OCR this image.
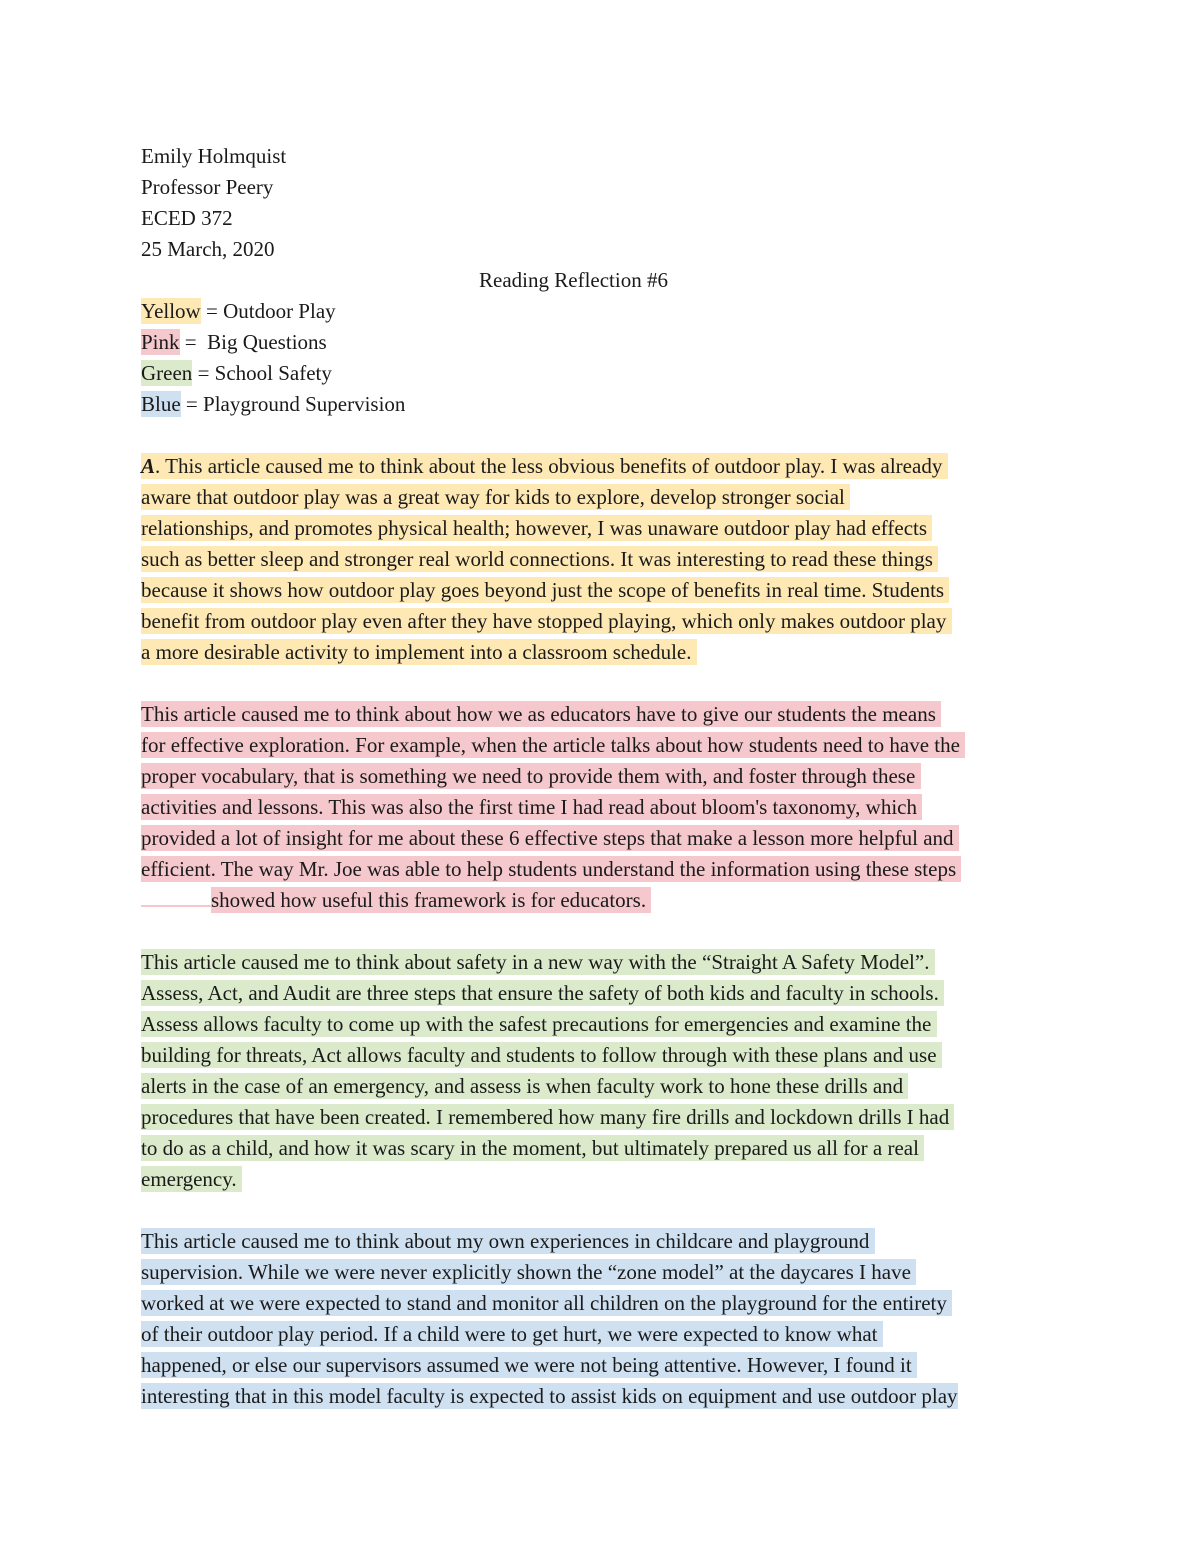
Emily Holmquist
Professor Peery
ECED 372
25 March, 2020
Reading Reflection #6
Yellow = Outdoor Play
Pink =  Big Questions
Green = School Safety
Blue = Playground Supervision
A. This article caused me to think about the less obvious benefits of outdoor play. I was already
aware that outdoor play was a great way for kids to explore, develop stronger social
relationships, and promotes physical health; however, I was unaware outdoor play had effects
such as better sleep and stronger real world connections. It was interesting to read these things
because it shows how outdoor play goes beyond just the scope of benefits in real time. Students
benefit from outdoor play even after they have stopped playing, which only makes outdoor play
a more desirable activity to implement into a classroom schedule.
This article caused me to think about how we as educators have to give our students the means
for effective exploration. For example, when the article talks about how students need to have the
proper vocabulary, that is something we need to provide them with, and foster through these
activities and lessons. This was also the first time I had read about bloom's taxonomy, which
provided a lot of insight for me about these 6 effective steps that make a lesson more helpful and
efficient. The way Mr. Joe was able to help students understand the information using these steps
showed how useful this framework is for educators.
This article caused me to think about safety in a new way with the “Straight A Safety Model”.
Assess, Act, and Audit are three steps that ensure the safety of both kids and faculty in schools.
Assess allows faculty to come up with the safest precautions for emergencies and examine the
building for threats, Act allows faculty and students to follow through with these plans and use
alerts in the case of an emergency, and assess is when faculty work to hone these drills and
procedures that have been created. I remembered how many fire drills and lockdown drills I had
to do as a child, and how it was scary in the moment, but ultimately prepared us all for a real
emergency.
This article caused me to think about my own experiences in childcare and playground
supervision. While we were never explicitly shown the “zone model” at the daycares I have
worked at we were expected to stand and monitor all children on the playground for the entirety
of their outdoor play period. If a child were to get hurt, we were expected to know what
happened, or else our supervisors assumed we were not being attentive. However, I found it
interesting that in this model faculty is expected to assist kids on equipment and use outdoor play
